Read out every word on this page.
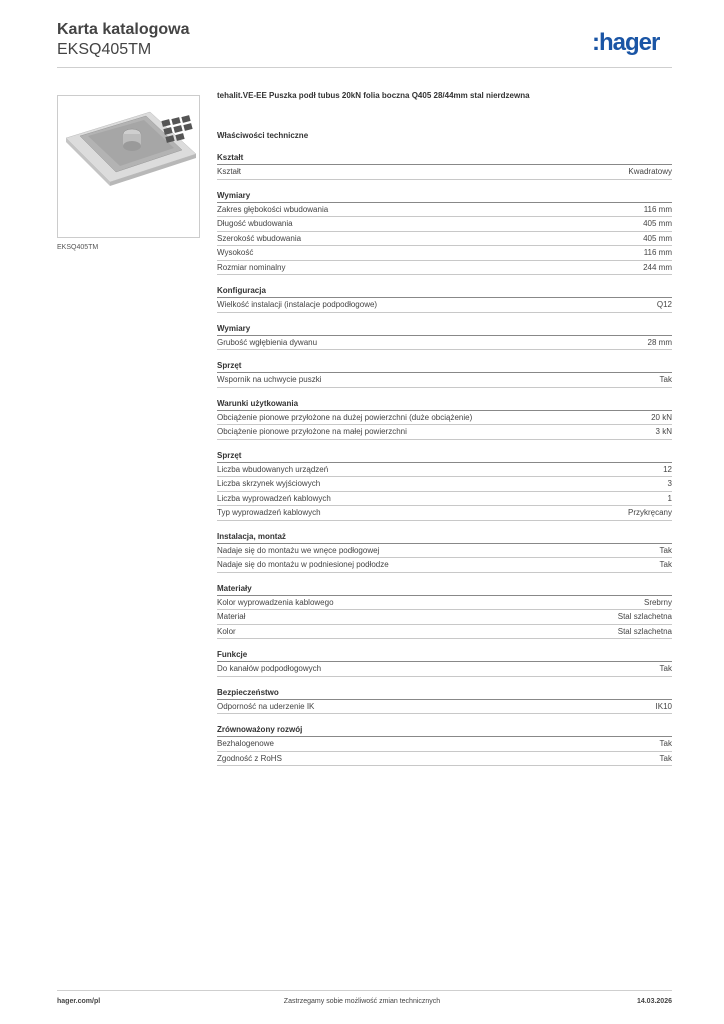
Karta katalogowa
EKSQ405TM	:hager
EKSQ405TM
tehalit.VE-EE Puszka podł tubus 20kN folia boczna Q405 28/44mm stal nierdzewna
Właściwości techniczne
Kształt
Kształt	Kwadratowy
Wymiary
Zakres głębokości wbudowania	116 mm
Długość wbudowania	405 mm
Szerokość wbudowania	405 mm
Wysokość	116 mm
Rozmiar nominalny	244 mm
Konfiguracja
Wielkość instalacji (instalacje podpodłogowe)	Q12
Wymiary
Grubość wgłębienia dywanu	28 mm
Sprzęt
Wspornik na uchwycie puszki	Tak
Warunki użytkowania
Obciążenie pionowe przyłożone na dużej powierzchni (duże obciążenie)	20 kN
Obciążenie pionowe przyłożone na małej powierzchni	3 kN
Sprzęt
Liczba wbudowanych urządzeń	12
Liczba skrzynek wyjściowych	3
Liczba wyprowadzeń kablowych	1
Typ wyprowadzeń kablowych	Przykręcany
Instalacja, montaż
Nadaje się do montażu we wnęce podłogowej	Tak
Nadaje się do montażu w podniesionej podłodze	Tak
Materiały
Kolor wyprowadzenia kablowego	Srebrny
Materiał	Stal szlachetna
Kolor	Stal szlachetna
Funkcje
Do kanałów podpodłogowych	Tak
Bezpieczeństwo
Odporność na uderzenie IK	IK10
Zrównoważony rozwój
Bezhalogenowe	Tak
Zgodność z RoHS	Tak
hager.com/pl	Zastrzegamy sobie możliwość zmian technicznych	14.03.2026
